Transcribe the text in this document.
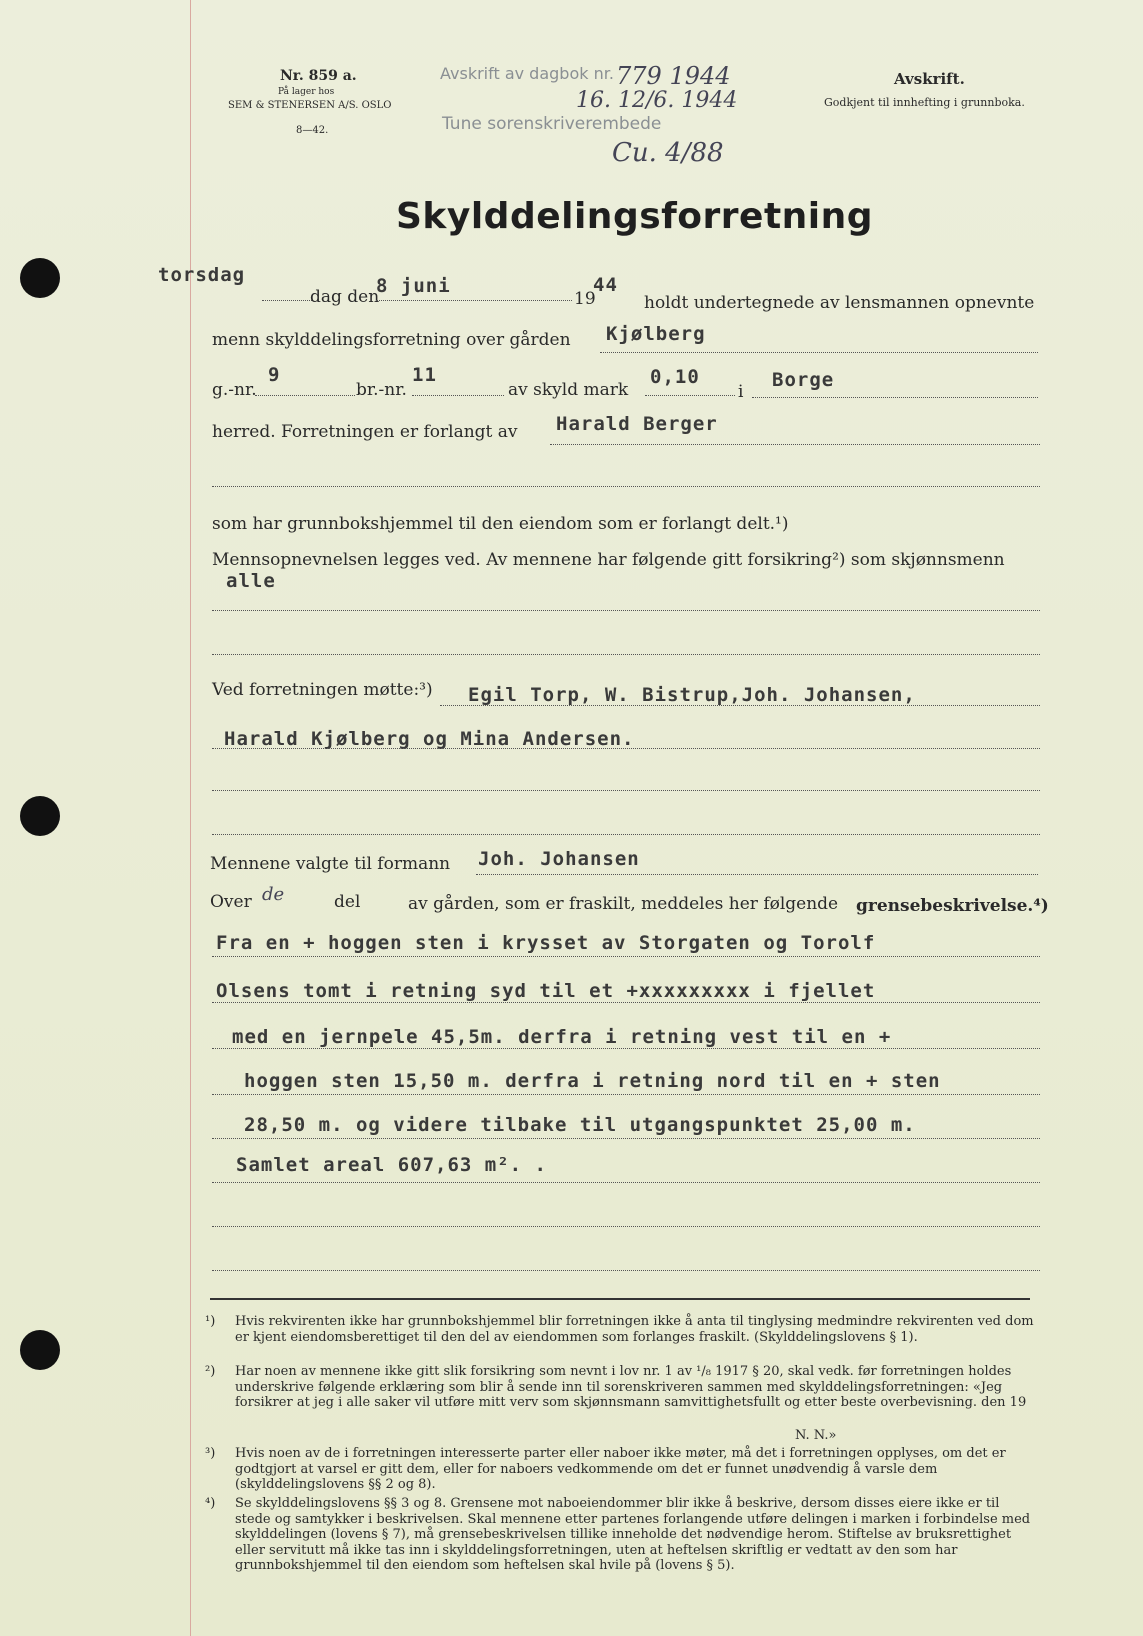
Nr. 859 a.
På lager hos
SEM & STENERSEN A/S. OSLO
8—42.
Avskrift av dagbok nr.
Tune sorenskriverembede
779 1944
16. 12/6. 1944
Cu. 4/88
Avskrift.
Godkjent til innhefting i grunnboka.
Skylddelingsforretning
torsdag
dag den
8 juni
19
44
holdt undertegnede av lensmannen opnevnte
menn skylddelingsforretning over gården Kjølberg
g.-nr.
9
br.-nr.
11
av skyld mark
0,10
i
Borge
herred. Forretningen er forlangt av Harald Berger
som har grunnbokshjemmel til den eiendom som er forlangt delt.¹)
Mennsopnevnelsen legges ved. Av mennene har følgende gitt forsikring²) som skjønnsmenn
alle
Ved forretningen møtte:³) Egil Torp, W. Bistrup,Joh. Johansen,
Harald Kjølberg og Mina Andersen.
Mennene valgte til formann Joh. Johansen
Over de	del	av gården, som er fraskilt, meddeles her følgende grensebeskrivelse.⁴)
Fra en + hoggen sten i krysset av Storgaten og Torolf
Olsens tomt i retning syd til et +xxxxxxxxx i fjellet
med en jernpele 45,5m. derfra i retning vest til en +
hoggen sten 15,50 m. derfra i retning nord til en + sten
28,50 m. og videre tilbake til utgangspunktet 25,00 m.
Samlet areal 607,63 m². .
¹) Hvis rekvirenten ikke har grunnbokshjemmel blir forretningen ikke å anta til tinglysing medmindre rekvirenten ved dom er kjent eiendomsberettiget til den del av eiendommen som forlanges fraskilt. (Skylddelingslovens § 1).
²) Har noen av mennene ikke gitt slik forsikring som nevnt i lov nr. 1 av ¹/₈ 1917 § 20, skal vedk. før forretningen holdes underskrive følgende erklæring som blir å sende inn til sorenskriveren sammen med skylddelingsforretningen: «Jeg forsikrer at jeg i alle saker vil utføre mitt verv som skjønnsmann samvittighetsfullt og etter beste overbevisning. den 19
N. N.»
³) Hvis noen av de i forretningen interesserte parter eller naboer ikke møter, må det i forretningen opplyses, om det er godtgjort at varsel er gitt dem, eller for naboers vedkommende om det er funnet unødvendig å varsle dem (skylddelingslovens §§ 2 og 8).
⁴) Se skylddelingslovens §§ 3 og 8. Grensene mot naboeiendommer blir ikke å beskrive, dersom disses eiere ikke er til stede og samtykker i beskrivelsen. Skal mennene etter partenes forlangende utføre delingen i marken i forbindelse med skylddelingen (lovens § 7), må grensebeskrivelsen tillike inneholde det nødvendige herom. Stiftelse av bruksrettighet eller servitutt må ikke tas inn i skylddelingsforretningen, uten at heftelsen skriftlig er vedtatt av den som har grunnbokshjemmel til den eiendom som heftelsen skal hvile på (lovens § 5).
